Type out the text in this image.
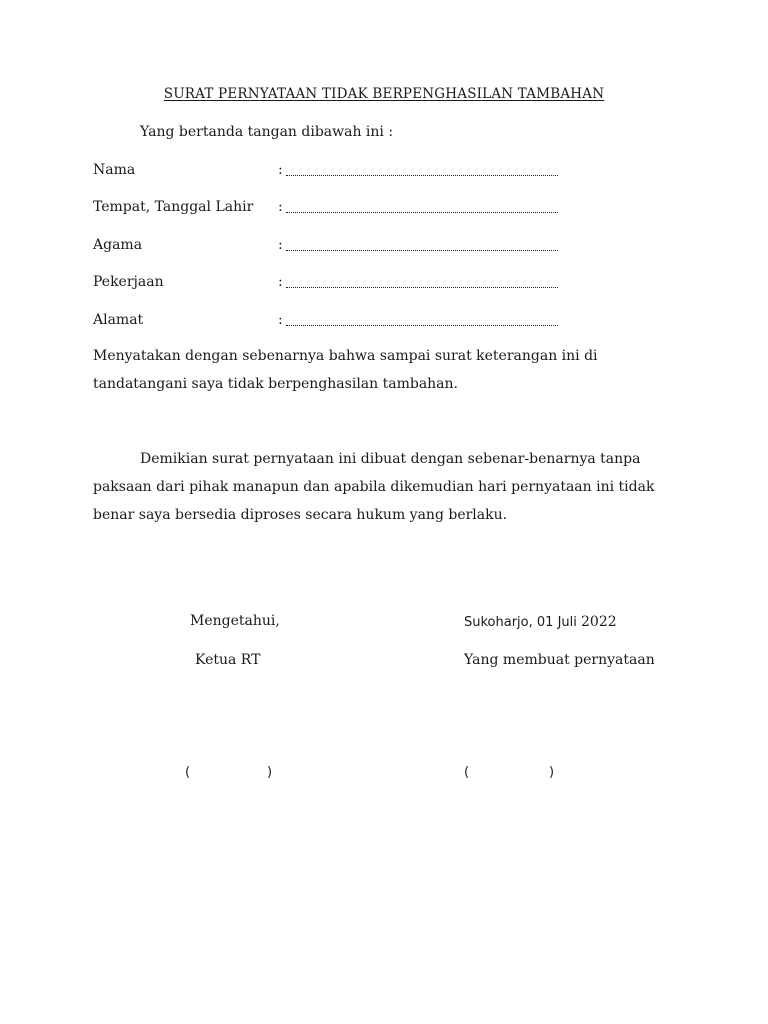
SURAT PERNYATAAN TIDAK BERPENGHASILAN TAMBAHAN
Yang bertanda tangan dibawah ini :
Nama	:
Tempat, Tanggal Lahir :
Agama	:
Pekerjaan	:
Alamat	:
Menyatakan dengan sebenarnya bahwa sampai surat keterangan ini di tandatangani saya tidak berpenghasilan tambahan.
Demikian surat pernyataan ini dibuat dengan sebenar-benarnya tanpa paksaan dari pihak manapun dan apabila dikemudian hari pernyataan ini tidak benar saya bersedia diproses secara hukum yang berlaku.
Mengetahui,
Ketua RT
(	)
Sukoharjo, 01 Juli 2022
Yang membuat pernyataan
(	)
